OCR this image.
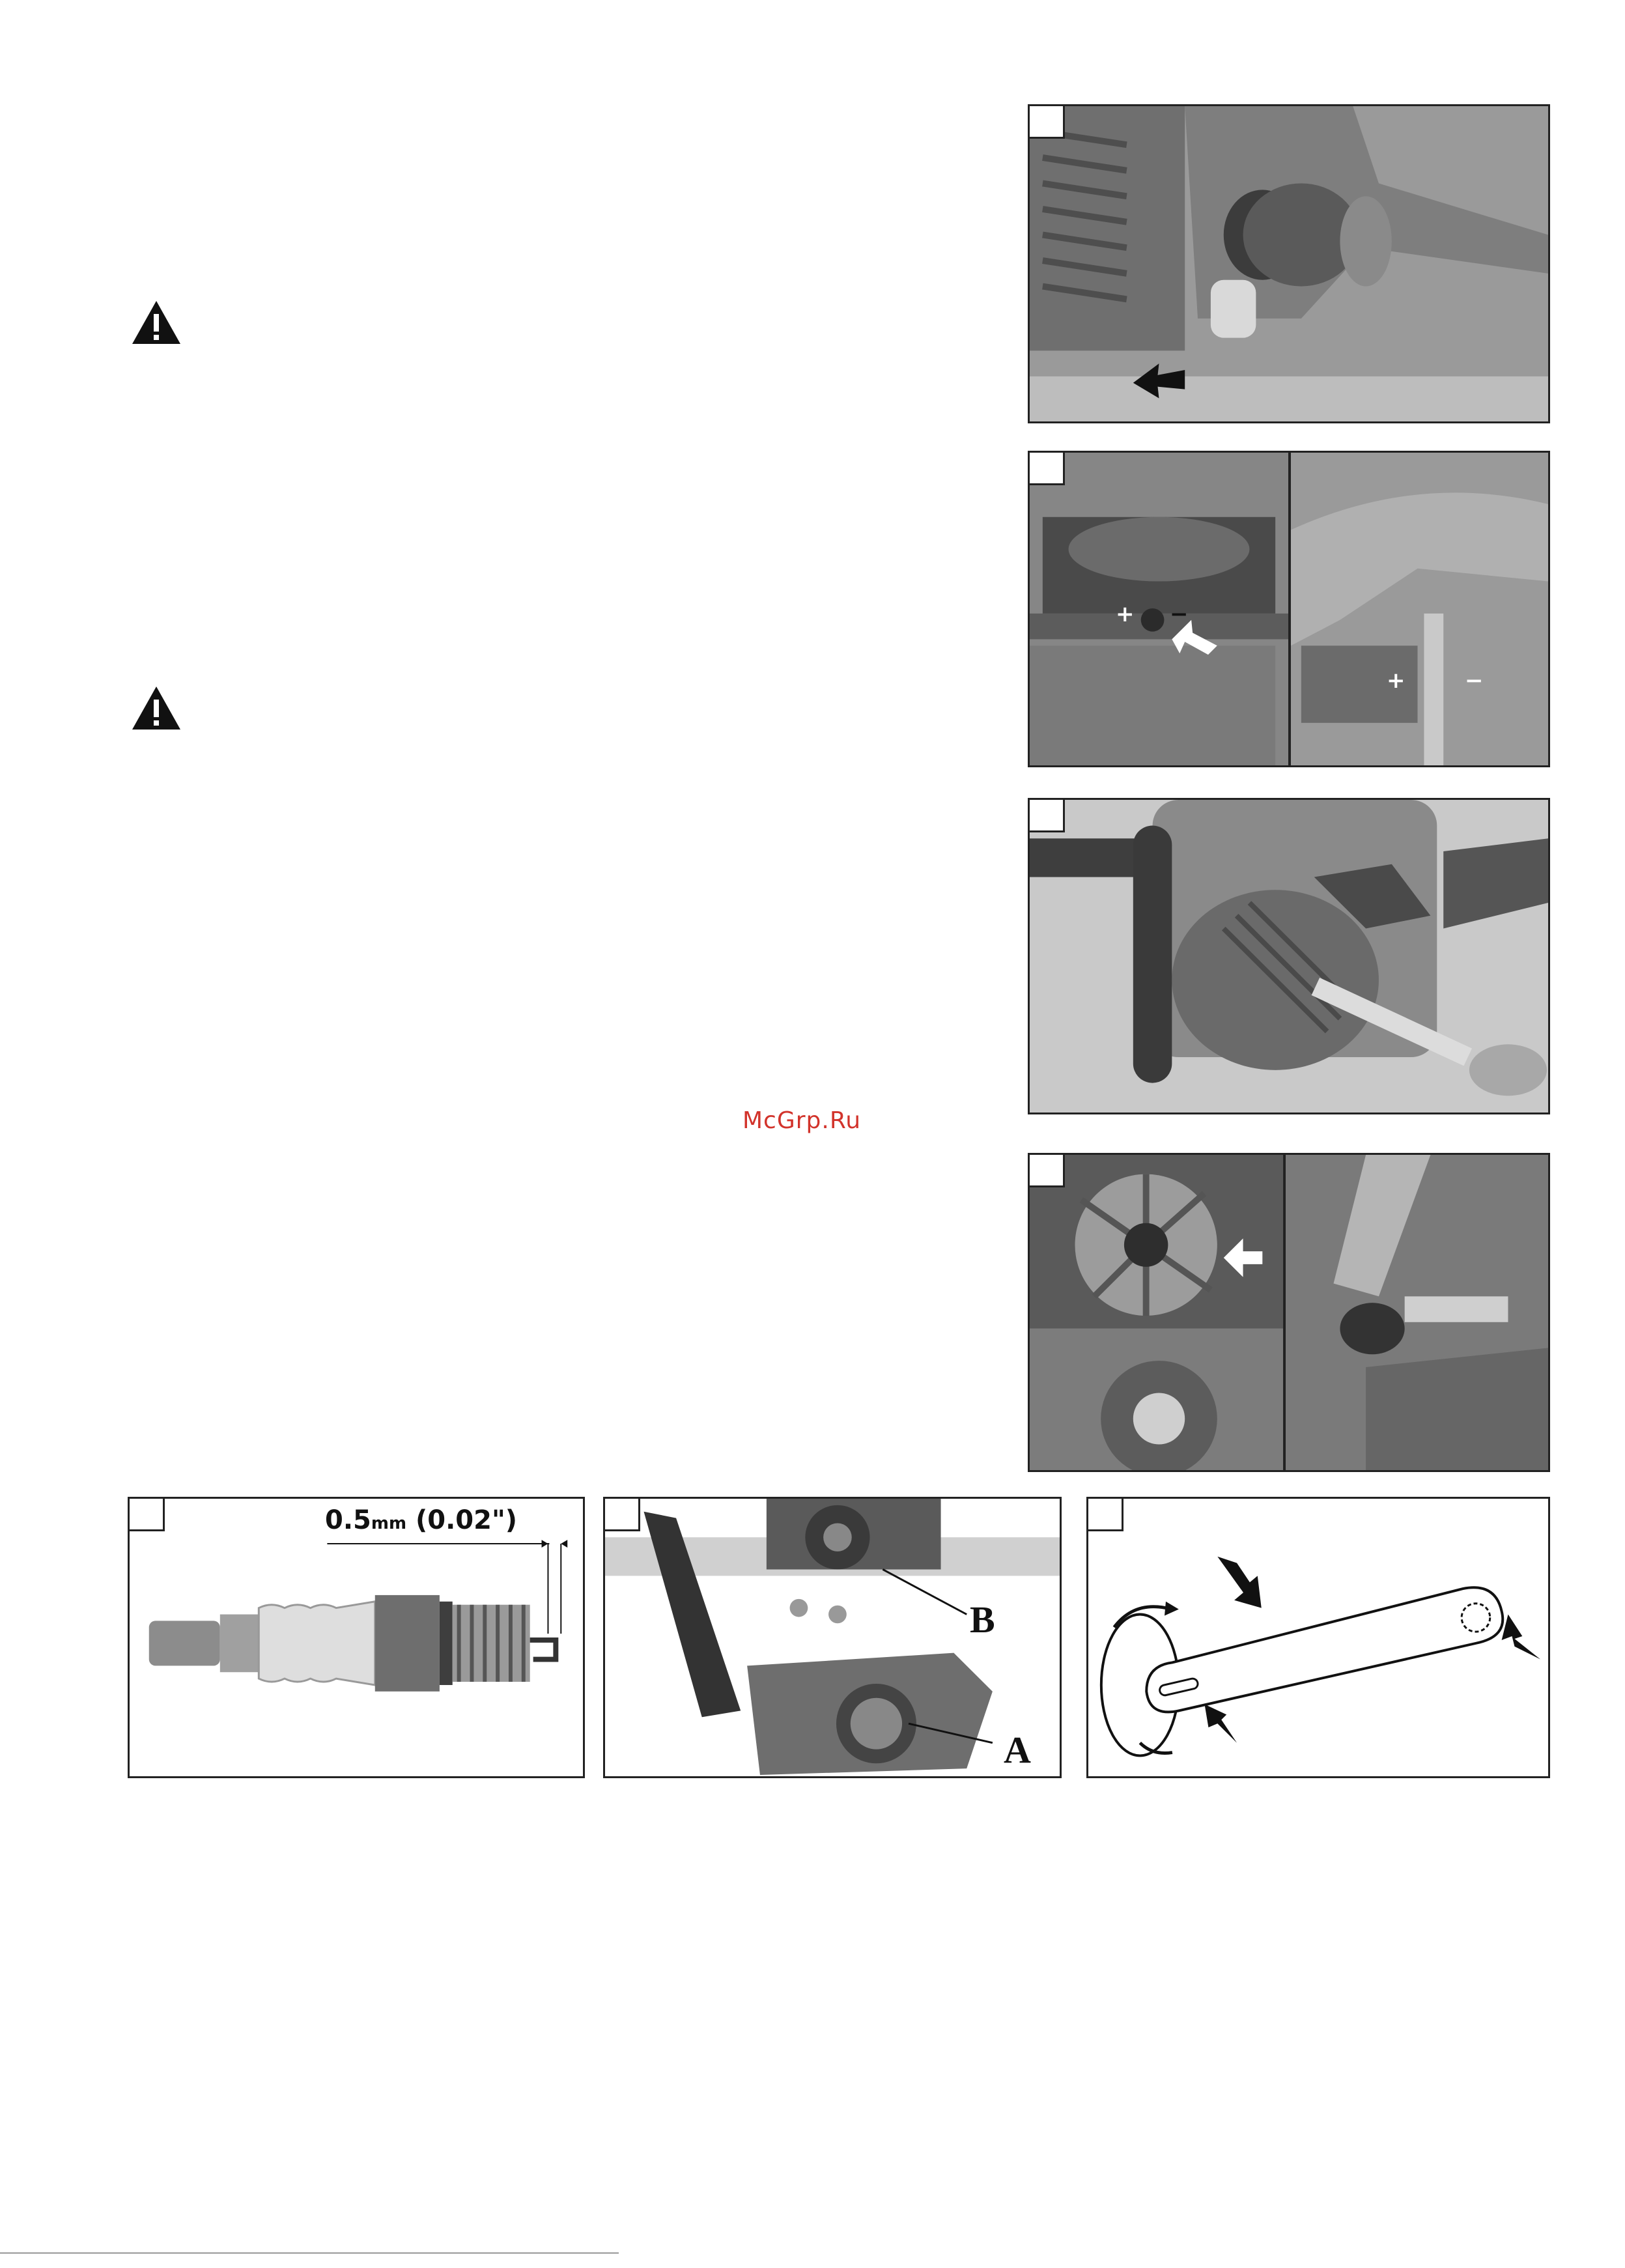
McGrp.Ru
+ −
+	−
0.5mm (0.02")
B
A
